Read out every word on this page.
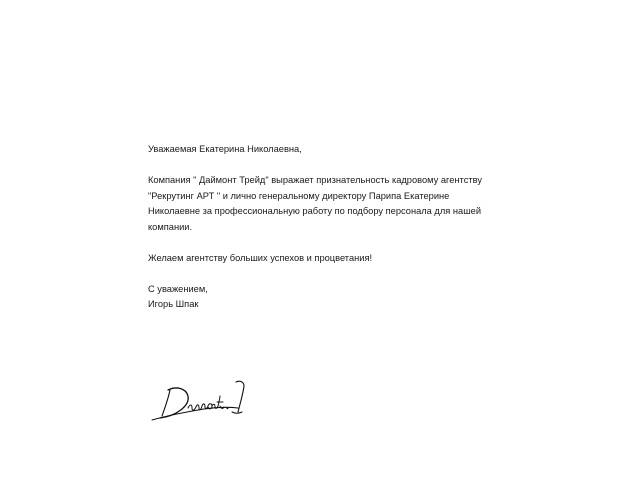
Уважаемая Екатерина Николаевна,

Компания " Даймонт Трейд" выражает признательность кадровому агентству

"Рекрутинг АРТ " и лично генеральному директору Парипа Екатерине

Николаевне за профессиональную работу по подбору персонала для нашей

компании.

Желаем агентству больших успехов и процветания!

С уважением,

Игорь Шпак
